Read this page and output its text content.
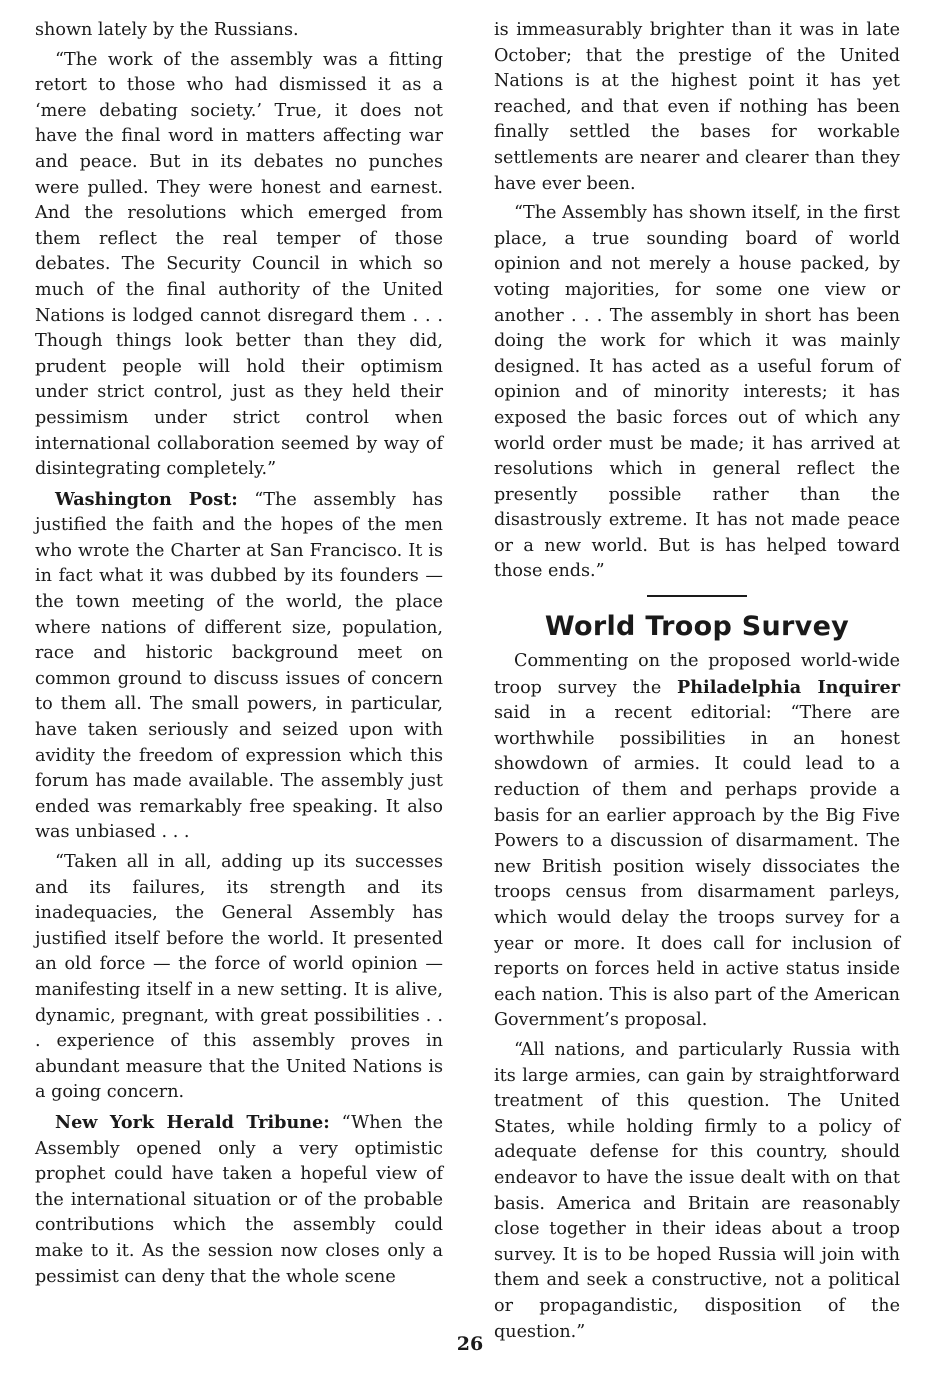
shown lately by the Russians.

“The work of the assembly was a fitting retort to those who had dismissed it as a ‘mere debating society.’ True, it does not have the final word in matters affecting war and peace. But in its debates no punches were pulled. They were honest and earnest. And the resolutions which emerged from them reflect the real temper of those debates. The Security Council in which so much of the final authority of the United Nations is lodged cannot disregard them . . . Though things look better than they did, prudent people will hold their optimism under strict control, just as they held their pessimism under strict control when international collaboration seemed by way of disintegrating completely.”

Washington Post: “The assembly has justified the faith and the hopes of the men who wrote the Charter at San Francisco. It is in fact what it was dubbed by its founders — the town meeting of the world, the place where nations of different size, population, race and historic background meet on common ground to discuss issues of concern to them all. The small powers, in particular, have taken seriously and seized upon with avidity the freedom of expression which this forum has made available. The assembly just ended was remarkably free speaking. It also was unbiased . . .

“Taken all in all, adding up its successes and its failures, its strength and its inadequacies, the General Assembly has justified itself before the world. It presented an old force — the force of world opinion — manifesting itself in a new setting. It is alive, dynamic, pregnant, with great possibilities . . . experience of this assembly proves in abundant measure that the United Nations is a going concern.

New York Herald Tribune: “When the Assembly opened only a very optimistic prophet could have taken a hopeful view of the international situation or of the probable contributions which the assembly could make to it. As the session now closes only a pessimist can deny that the whole scene

is immeasurably brighter than it was in late October; that the prestige of the United Nations is at the highest point it has yet reached, and that even if nothing has been finally settled the bases for workable settlements are nearer and clearer than they have ever been.

“The Assembly has shown itself, in the first place, a true sounding board of world opinion and not merely a house packed, by voting majorities, for some one view or another . . . The assembly in short has been doing the work for which it was mainly designed. It has acted as a useful forum of opinion and of minority interests; it has exposed the basic forces out of which any world order must be made; it has arrived at resolutions which in general reflect the presently possible rather than the disastrously extreme. It has not made peace or a new world. But is has helped toward those ends.”

World Troop Survey

Commenting on the proposed world-wide troop survey the Philadelphia Inquirer said in a recent editorial: “There are worthwhile possibilities in an honest showdown of armies. It could lead to a reduction of them and perhaps provide a basis for an earlier approach by the Big Five Powers to a discussion of disarmament. The new British position wisely dissociates the troops census from disarmament parleys, which would delay the troops survey for a year or more. It does call for inclusion of reports on forces held in active status inside each nation. This is also part of the American Government’s proposal.

“All nations, and particularly Russia with its large armies, can gain by straightforward treatment of this question. The United States, while holding firmly to a policy of adequate defense for this country, should endeavor to have the issue dealt with on that basis. America and Britain are reasonably close together in their ideas about a troop survey. It is to be hoped Russia will join with them and seek a constructive, not a political or propagandistic, disposition of the question.”

26
